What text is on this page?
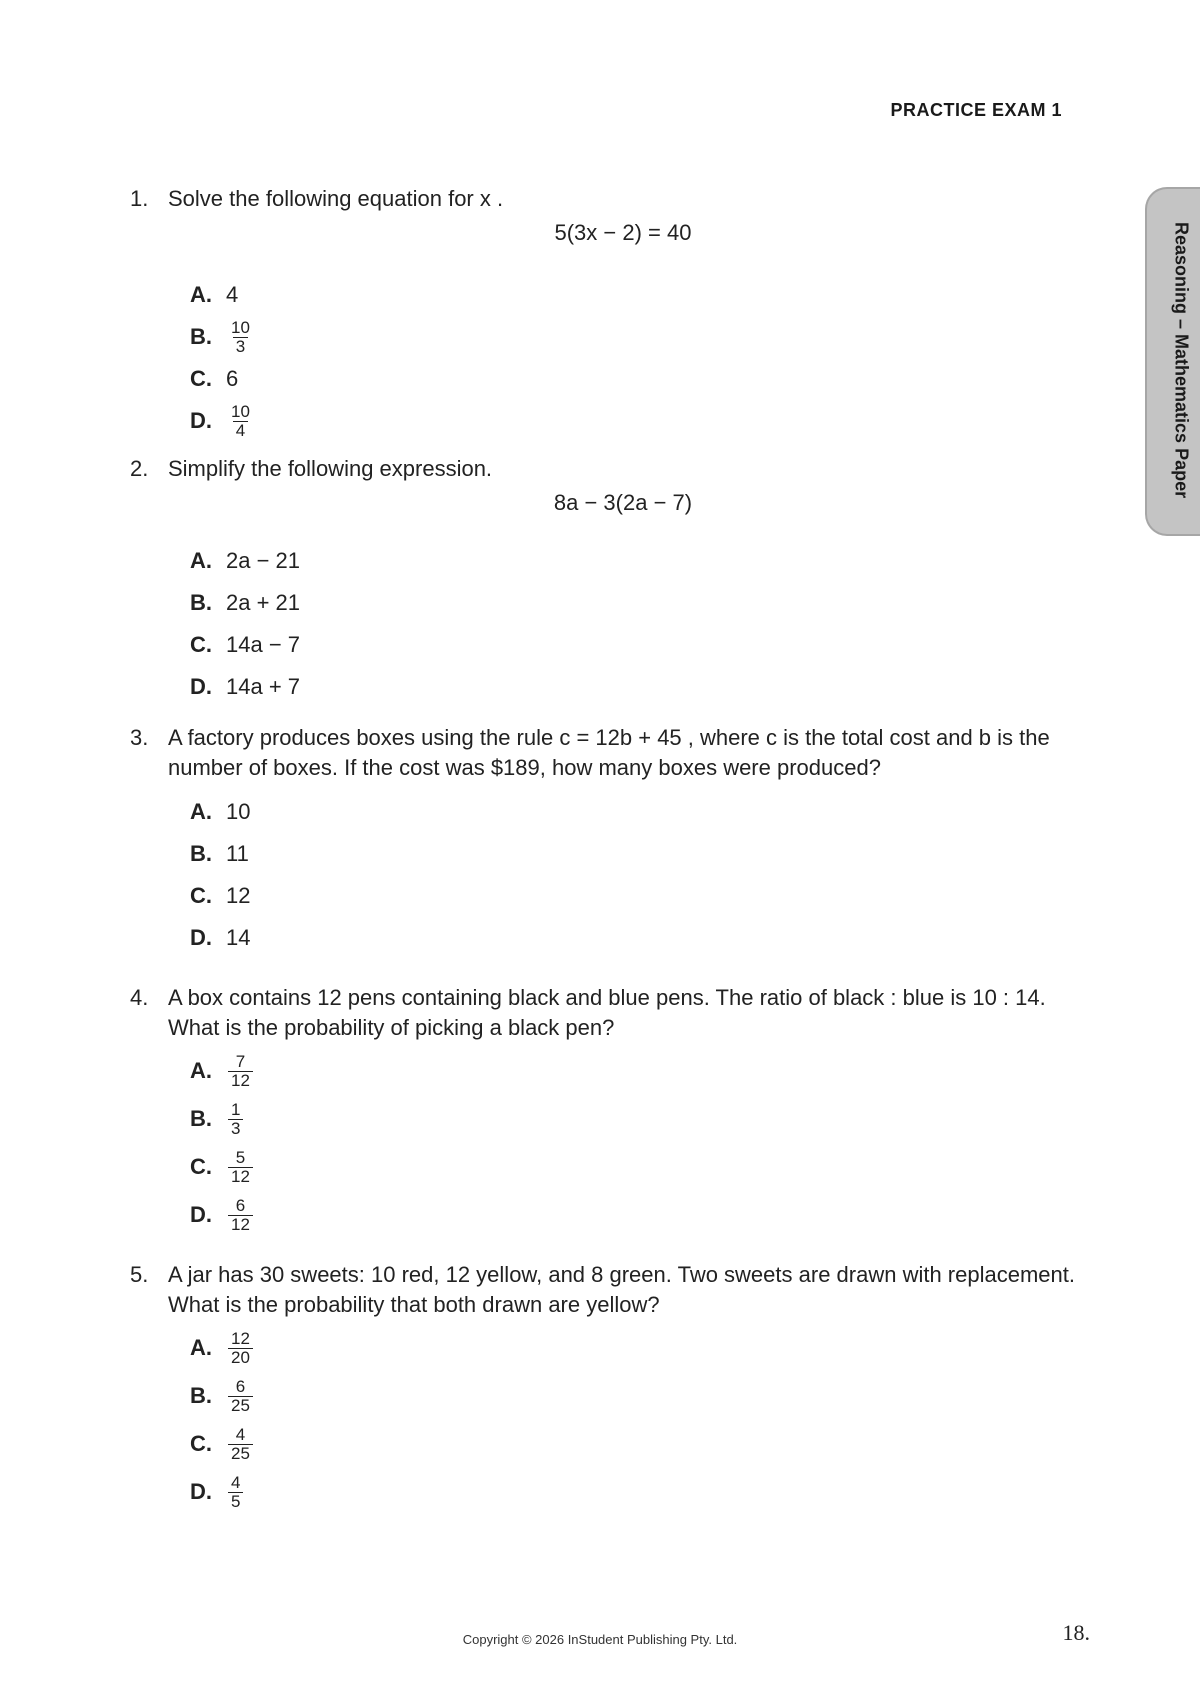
PRACTICE EXAM 1
Reasoning – Mathematics Paper
1. Solve the following equation for x .
5(3x − 2) = 40
A. 4
B. $\frac{10}{3}$
C. 6
D. $\frac{10}{4}$
2. Simplify the following expression.
8a − 3(2a − 7)
A. 2a − 21
B. 2a + 21
C. 14a − 7
D. 14a + 7
3. A factory produces boxes using the rule c = 12b + 45 , where c is the total cost and b is the number of boxes. If the cost was $189, how many boxes were produced?
A. 10
B. 11
C. 12
D. 14
4. A box contains 12 pens containing black and blue pens. The ratio of black : blue is 10 : 14. What is the probability of picking a black pen?
A. $\frac{7}{12}$
B. $\frac{1}{3}$
C. $\frac{5}{12}$
D. $\frac{6}{12}$
5. A jar has 30 sweets: 10 red, 12 yellow, and 8 green. Two sweets are drawn with replacement. What is the probability that both drawn are yellow?
A. $\frac{12}{20}$
B. $\frac{6}{25}$
C. $\frac{4}{25}$
D. $\frac{4}{5}$
Copyright © 2026 InStudent Publishing Pty. Ltd.	18.
